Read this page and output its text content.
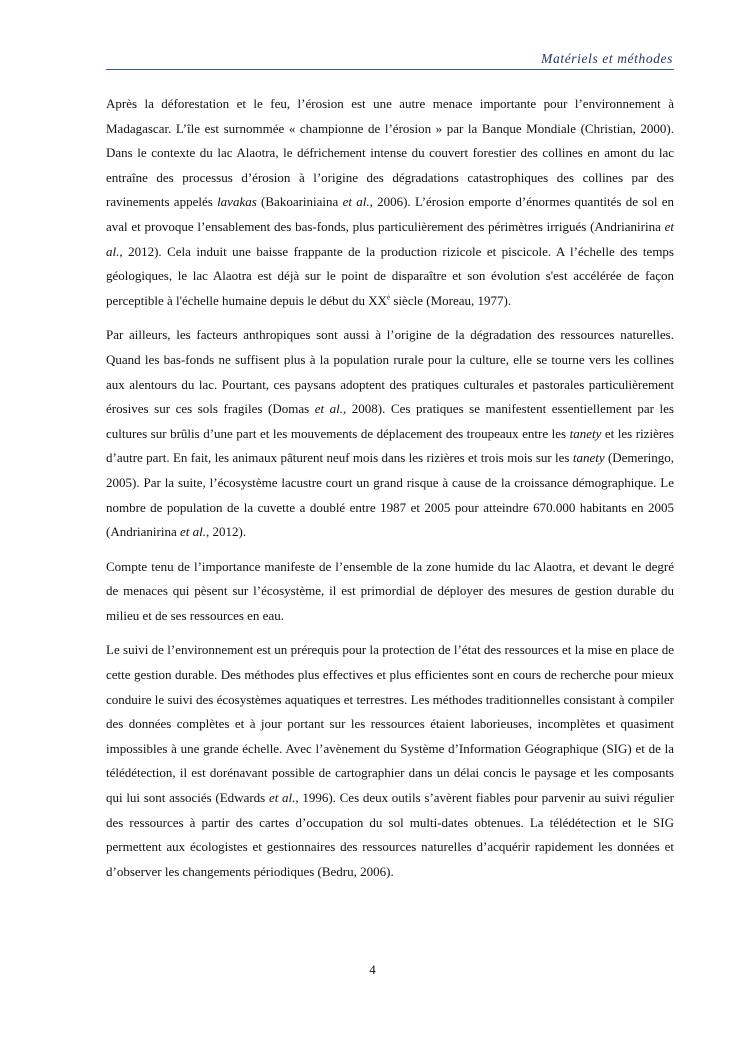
Matériels et méthodes

Après la déforestation et le feu, l’érosion est une autre menace importante pour l’environnement à Madagascar. L’île est surnommée « championne de l’érosion » par la Banque Mondiale (Christian, 2000). Dans le contexte du lac Alaotra, le défrichement intense du couvert forestier des collines en amont du lac entraîne des processus d’érosion à l’origine des dégradations catastrophiques des collines par des ravinements appelés lavakas (Bakoariniaina et al., 2006). L’érosion emporte d’énormes quantités de sol en aval et provoque l’ensablement des bas-fonds, plus particulièrement des périmètres irrigués (Andrianirina et al., 2012). Cela induit une baisse frappante de la production rizicole et piscicole. A l’échelle des temps géologiques, le lac Alaotra est déjà sur le point de disparaître et son évolution s'est accélérée de façon perceptible à l'échelle humaine depuis le début du $XX^è$ siècle (Moreau, 1977).

Par ailleurs, les facteurs anthropiques sont aussi à l’origine de la dégradation des ressources naturelles. Quand les bas-fonds ne suffisent plus à la population rurale pour la culture, elle se tourne vers les collines aux alentours du lac. Pourtant, ces paysans adoptent des pratiques culturales et pastorales particulièrement érosives sur ces sols fragiles (Domas et al., 2008). Ces pratiques se manifestent essentiellement par les cultures sur brûlis d’une part et les mouvements de déplacement des troupeaux entre les tanety et les rizières d’autre part. En fait, les animaux pâturent neuf mois dans les rizières et trois mois sur les tanety (Demeringo, 2005). Par la suite, l’écosystème lacustre court un grand risque à cause de la croissance démographique. Le nombre de population de la cuvette a doublé entre 1987 et 2005 pour atteindre 670.000 habitants en 2005 (Andrianirina et al., 2012).

Compte tenu de l’importance manifeste de l’ensemble de la zone humide du lac Alaotra, et devant le degré de menaces qui pèsent sur l’écosystème, il est primordial de déployer des mesures de gestion durable du milieu et de ses ressources en eau.

Le suivi de l’environnement est un prérequis pour la protection de l’état des ressources et la mise en place de cette gestion durable. Des méthodes plus effectives et plus efficientes sont en cours de recherche pour mieux conduire le suivi des écosystèmes aquatiques et terrestres. Les méthodes traditionnelles consistant à compiler des données complètes et à jour portant sur les ressources étaient laborieuses, incomplètes et quasiment impossibles à une grande échelle. Avec l’avènement du Système d’Information Géographique (SIG) et de la télédétection, il est dorénavant possible de cartographier dans un délai concis le paysage et les composants qui lui sont associés (Edwards et al., 1996). Ces deux outils s’avèrent fiables pour parvenir au suivi régulier des ressources à partir des cartes d’occupation du sol multi-dates obtenues. La télédétection et le SIG permettent aux écologistes et gestionnaires des ressources naturelles d’acquérir rapidement les données et d’observer les changements périodiques (Bedru, 2006).

4
